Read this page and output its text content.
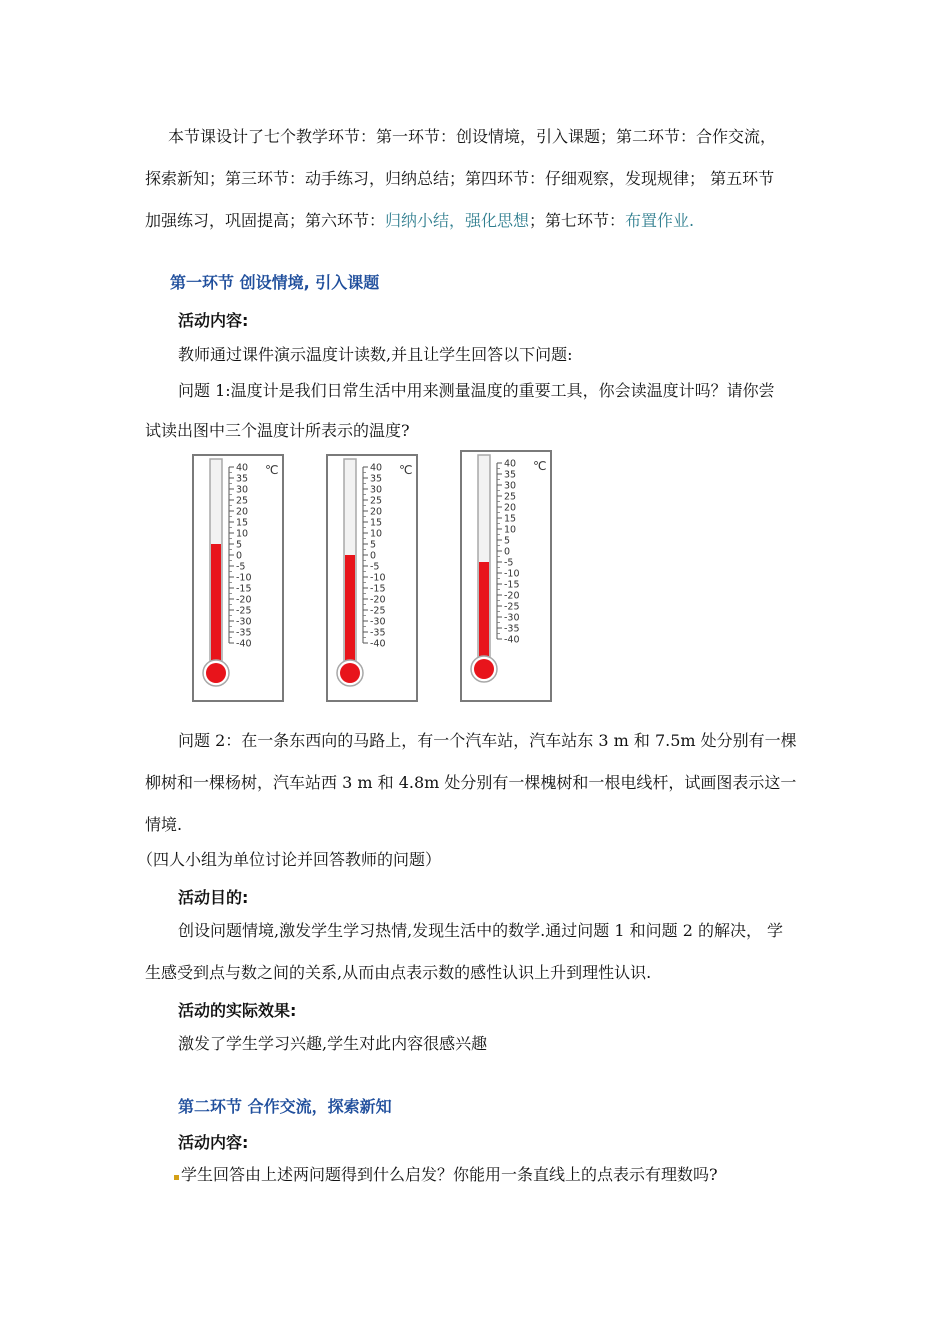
本节课设计了七个教学环节：第一环节：创设情境，引入课题；第二环节：合作交流，

探索新知；第三环节：动手练习，归纳总结；第四环节：仔细观察，发现规律； 第五环节

加强练习，巩固提高；第六环节：归纳小结，强化思想；第七环节：布置作业.

第一环节 创设情境, 引入课题
活动内容:

教师通过课件演示温度计读数,并且让学生回答以下问题:

问题 1:温度计是我们日常生活中用来测量温度的重要工具，你会读温度计吗？请你尝

试读出图中三个温度计所表示的温度?

40
35
30
25
20
15
10
5
0
-5
-10
-15
-20
-25
-30
-35
-40
℃	40
35
30
25
20
15
10
5
0
-5
-10
-15
-20
-25
-30
-35
-40
℃	40
35
30
25
20
15
10
5
0
-5
-10
-15
-20
-25
-30
-35
-40
℃

问题 2：在一条东西向的马路上，有一个汽车站，汽车站东 3 m 和 7.5m 处分别有一棵

柳树和一棵杨树，汽车站西 3 m 和 4.8m 处分别有一棵槐树和一根电线杆，试画图表示这一

情境.

（四人小组为单位讨论并回答教师的问题）

活动目的:

创设问题情境,激发学生学习热情,发现生活中的数学.通过问题 1 和问题 2 的解决， 学

生感受到点与数之间的关系,从而由点表示数的感性认识上升到理性认识.

活动的实际效果:

激发了学生学习兴趣,学生对此内容很感兴趣

第二环节 合作交流，探索新知
活动内容:

学生回答由上述两问题得到什么启发？你能用一条直线上的点表示有理数吗?
